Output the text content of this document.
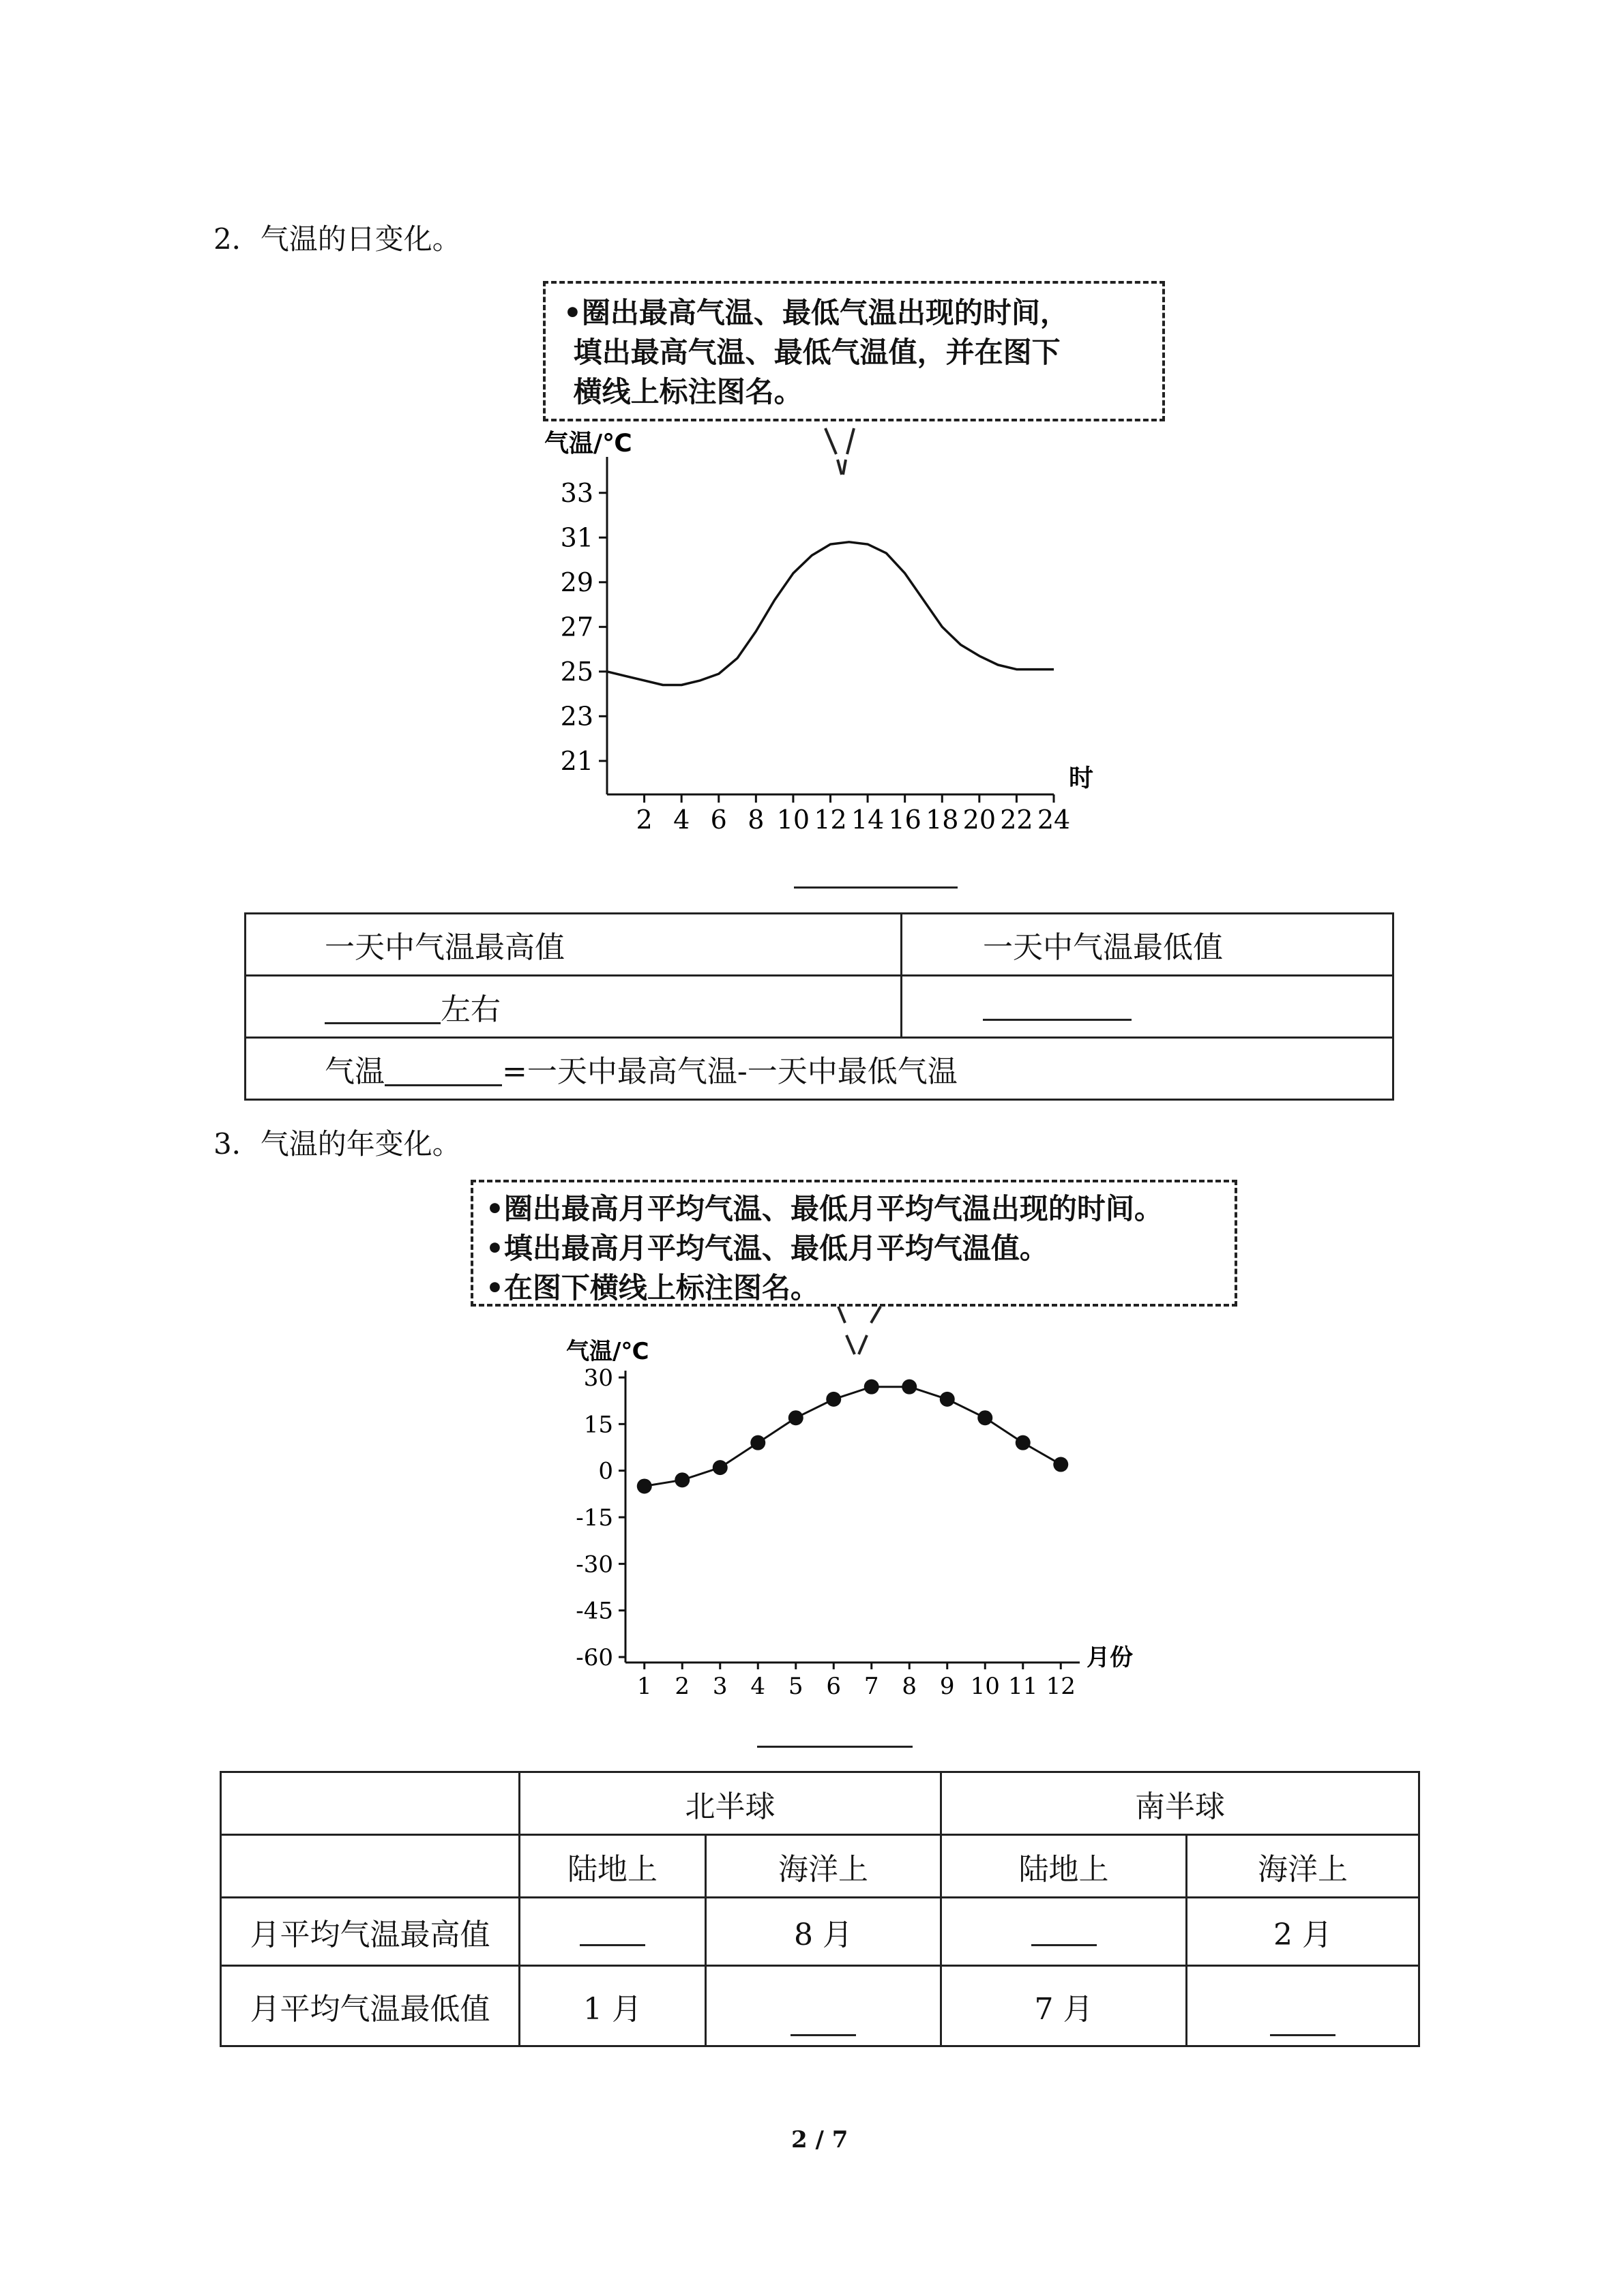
2．气温的日变化。
•圈出最高气温、最低气温出现的时间，
填出最高气温、最低气温值，并在图下
横线上标注图名。
气温/℃
时
21
23
25
27
29
31
33
2 4 6 8 10 12 14 16 18 20 22 24
一天中气温最高值	一天中气温最低值
左右	
气温 =一天中最高气温-一天中最低气温	
3．气温的年变化。
•圈出最高月平均气温、最低月平均气温出现的时间。
•填出最高月平均气温、最低月平均气温值。
•在图下横线上标注图名。
气温/℃
月份
30
15
0
-15
-30
-45
-60
1 2 3 4 5 6 7 8 9 10 11 12
	北半球		南半球	
	陆地上	海洋上	陆地上	海洋上
月平均气温最高值		8 月		2 月
月平均气温最低值	1 月		7 月	
2 / 7
